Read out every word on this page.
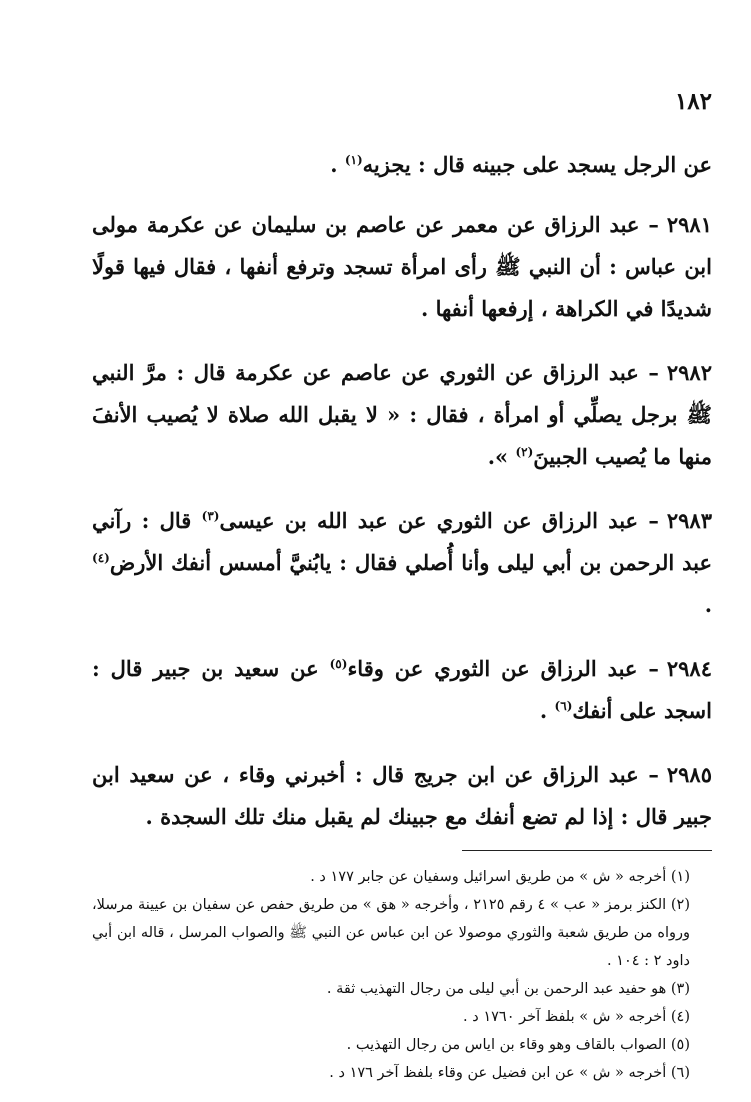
١٨٢

عن الرجل يسجد على جبينه قال : يجزيه$^{(١)}$ .

٢٩٨١– عبد الرزاق عن معمر عن عاصم بن سليمان عن عكرمة مولى ابن عباس : أن النبي ﷺ رأى امرأة تسجد وترفع أنفها ، فقال فيها قولًا شديدًا في الكراهة ، إرفعها أنفها .

٢٩٨٢– عبد الرزاق عن الثوري عن عاصم عن عكرمة قال : مرَّ النبي ﷺ برجل يصلِّي أو امرأة ، فقال : « لا يقبل الله صلاة لا يُصيب الأنفَ منها ما يُصيب الجبينَ$^{(٢)}$ ».

٢٩٨٣– عبد الرزاق عن الثوري عن عبد الله بن عيسى$^{(٣)}$ قال : رآني عبد الرحمن بن أبي ليلى وأنا أُصلي فقال : يابُنيَّ أمسس أنفك الأرض$^{(٤)}$ .

٢٩٨٤– عبد الرزاق عن الثوري عن وقاء$^{(٥)}$ عن سعيد بن جبير قال : اسجد على أنفك$^{(٦)}$ .

٢٩٨٥– عبد الرزاق عن ابن جريج قال : أخبرني وقاء ، عن سعيد ابن جبير قال : إذا لم تضع أنفك مع جبينك لم يقبل منك تلك السجدة .

(١) أخرجه « ش » من طريق اسرائيل وسفيان عن جابر ١٧٧ د .

(٢) الكنز برمز « عب » ٤ رقم ٢١٢٥ ، وأخرجه « هق » من طريق حفص عن سفيان بن عيينة مرسلا، ورواه من طريق شعبة والثوري موصولا عن ابن عباس عن النبي ﷺ والصواب المرسل ، قاله ابن أبي داود ٢ : ١٠٤ .

(٣) هو حفيد عبد الرحمن بن أبي ليلى من رجال التهذيب ثقة .

(٤) أخرجه « ش » بلفظ آخر ١٧٦٠ د .

(٥) الصواب بالقاف وهو وقاء بن اياس من رجال التهذيب .

(٦) أخرجه « ش » عن ابن فضيل عن وقاء بلفظ آخر ١٧٦ د .
